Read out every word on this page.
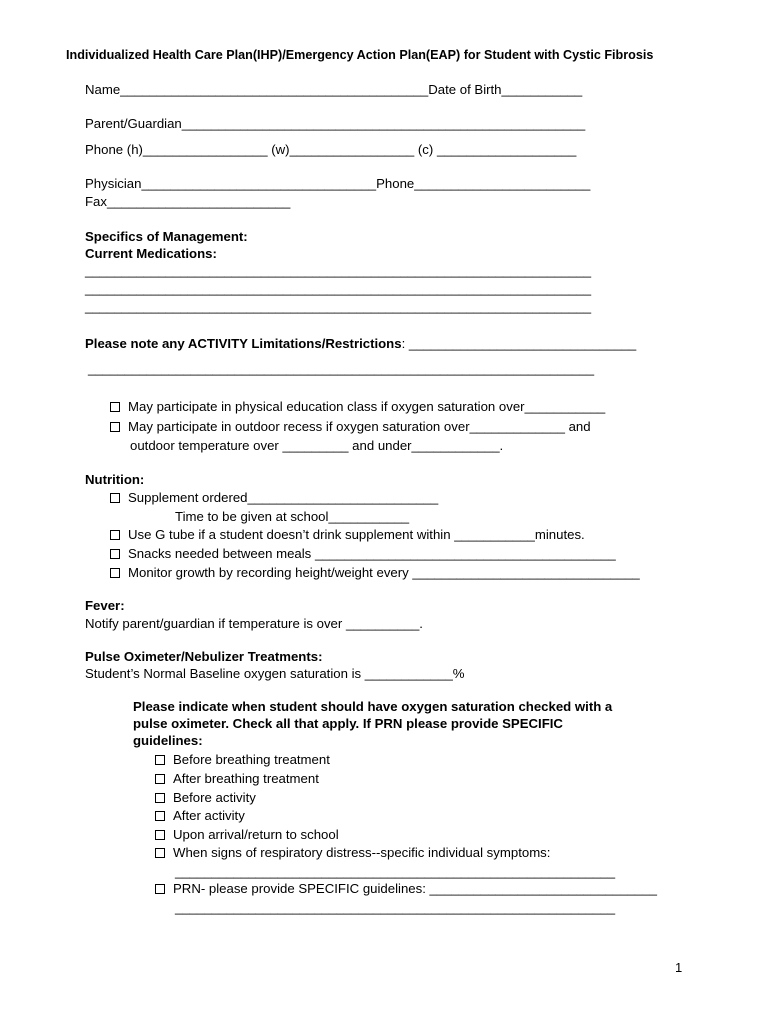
Individualized Health Care Plan(IHP)/Emergency Action Plan(EAP) for Student with Cystic Fibrosis
Name__________________________________________Date of Birth___________
Parent/Guardian_______________________________________________________
Phone (h)_________________ (w)_________________ (c) ___________________
Physician________________________________Phone________________________
Fax_________________________
Specifics of Management:
Current Medications:
_____________________________________________________________________
_____________________________________________________________________
_____________________________________________________________________
Please note any ACTIVITY Limitations/Restrictions: _______________________________
_____________________________________________________________________
May participate in physical education class if oxygen saturation over___________
May participate in outdoor recess if oxygen saturation over_____________ and
outdoor temperature over _________ and under____________.
Nutrition:
Supplement ordered__________________________
Time to be given at school___________
Use G tube if a student doesn’t drink supplement within ___________minutes.
Snacks needed between meals _________________________________________
Monitor growth by recording height/weight every _______________________________
Fever:
Notify parent/guardian if temperature is over __________.
Pulse Oximeter/Nebulizer Treatments:
Student’s Normal Baseline oxygen saturation is ____________%
Please indicate when student should have oxygen saturation checked with a
pulse oximeter. Check all that apply. If PRN please provide SPECIFIC
guidelines:
Before breathing treatment
After breathing treatment
Before activity
After activity
Upon arrival/return to school
When signs of respiratory distress--specific individual symptoms:
____________________________________________________________
PRN- please provide SPECIFIC guidelines: _______________________________
____________________________________________________________
1
